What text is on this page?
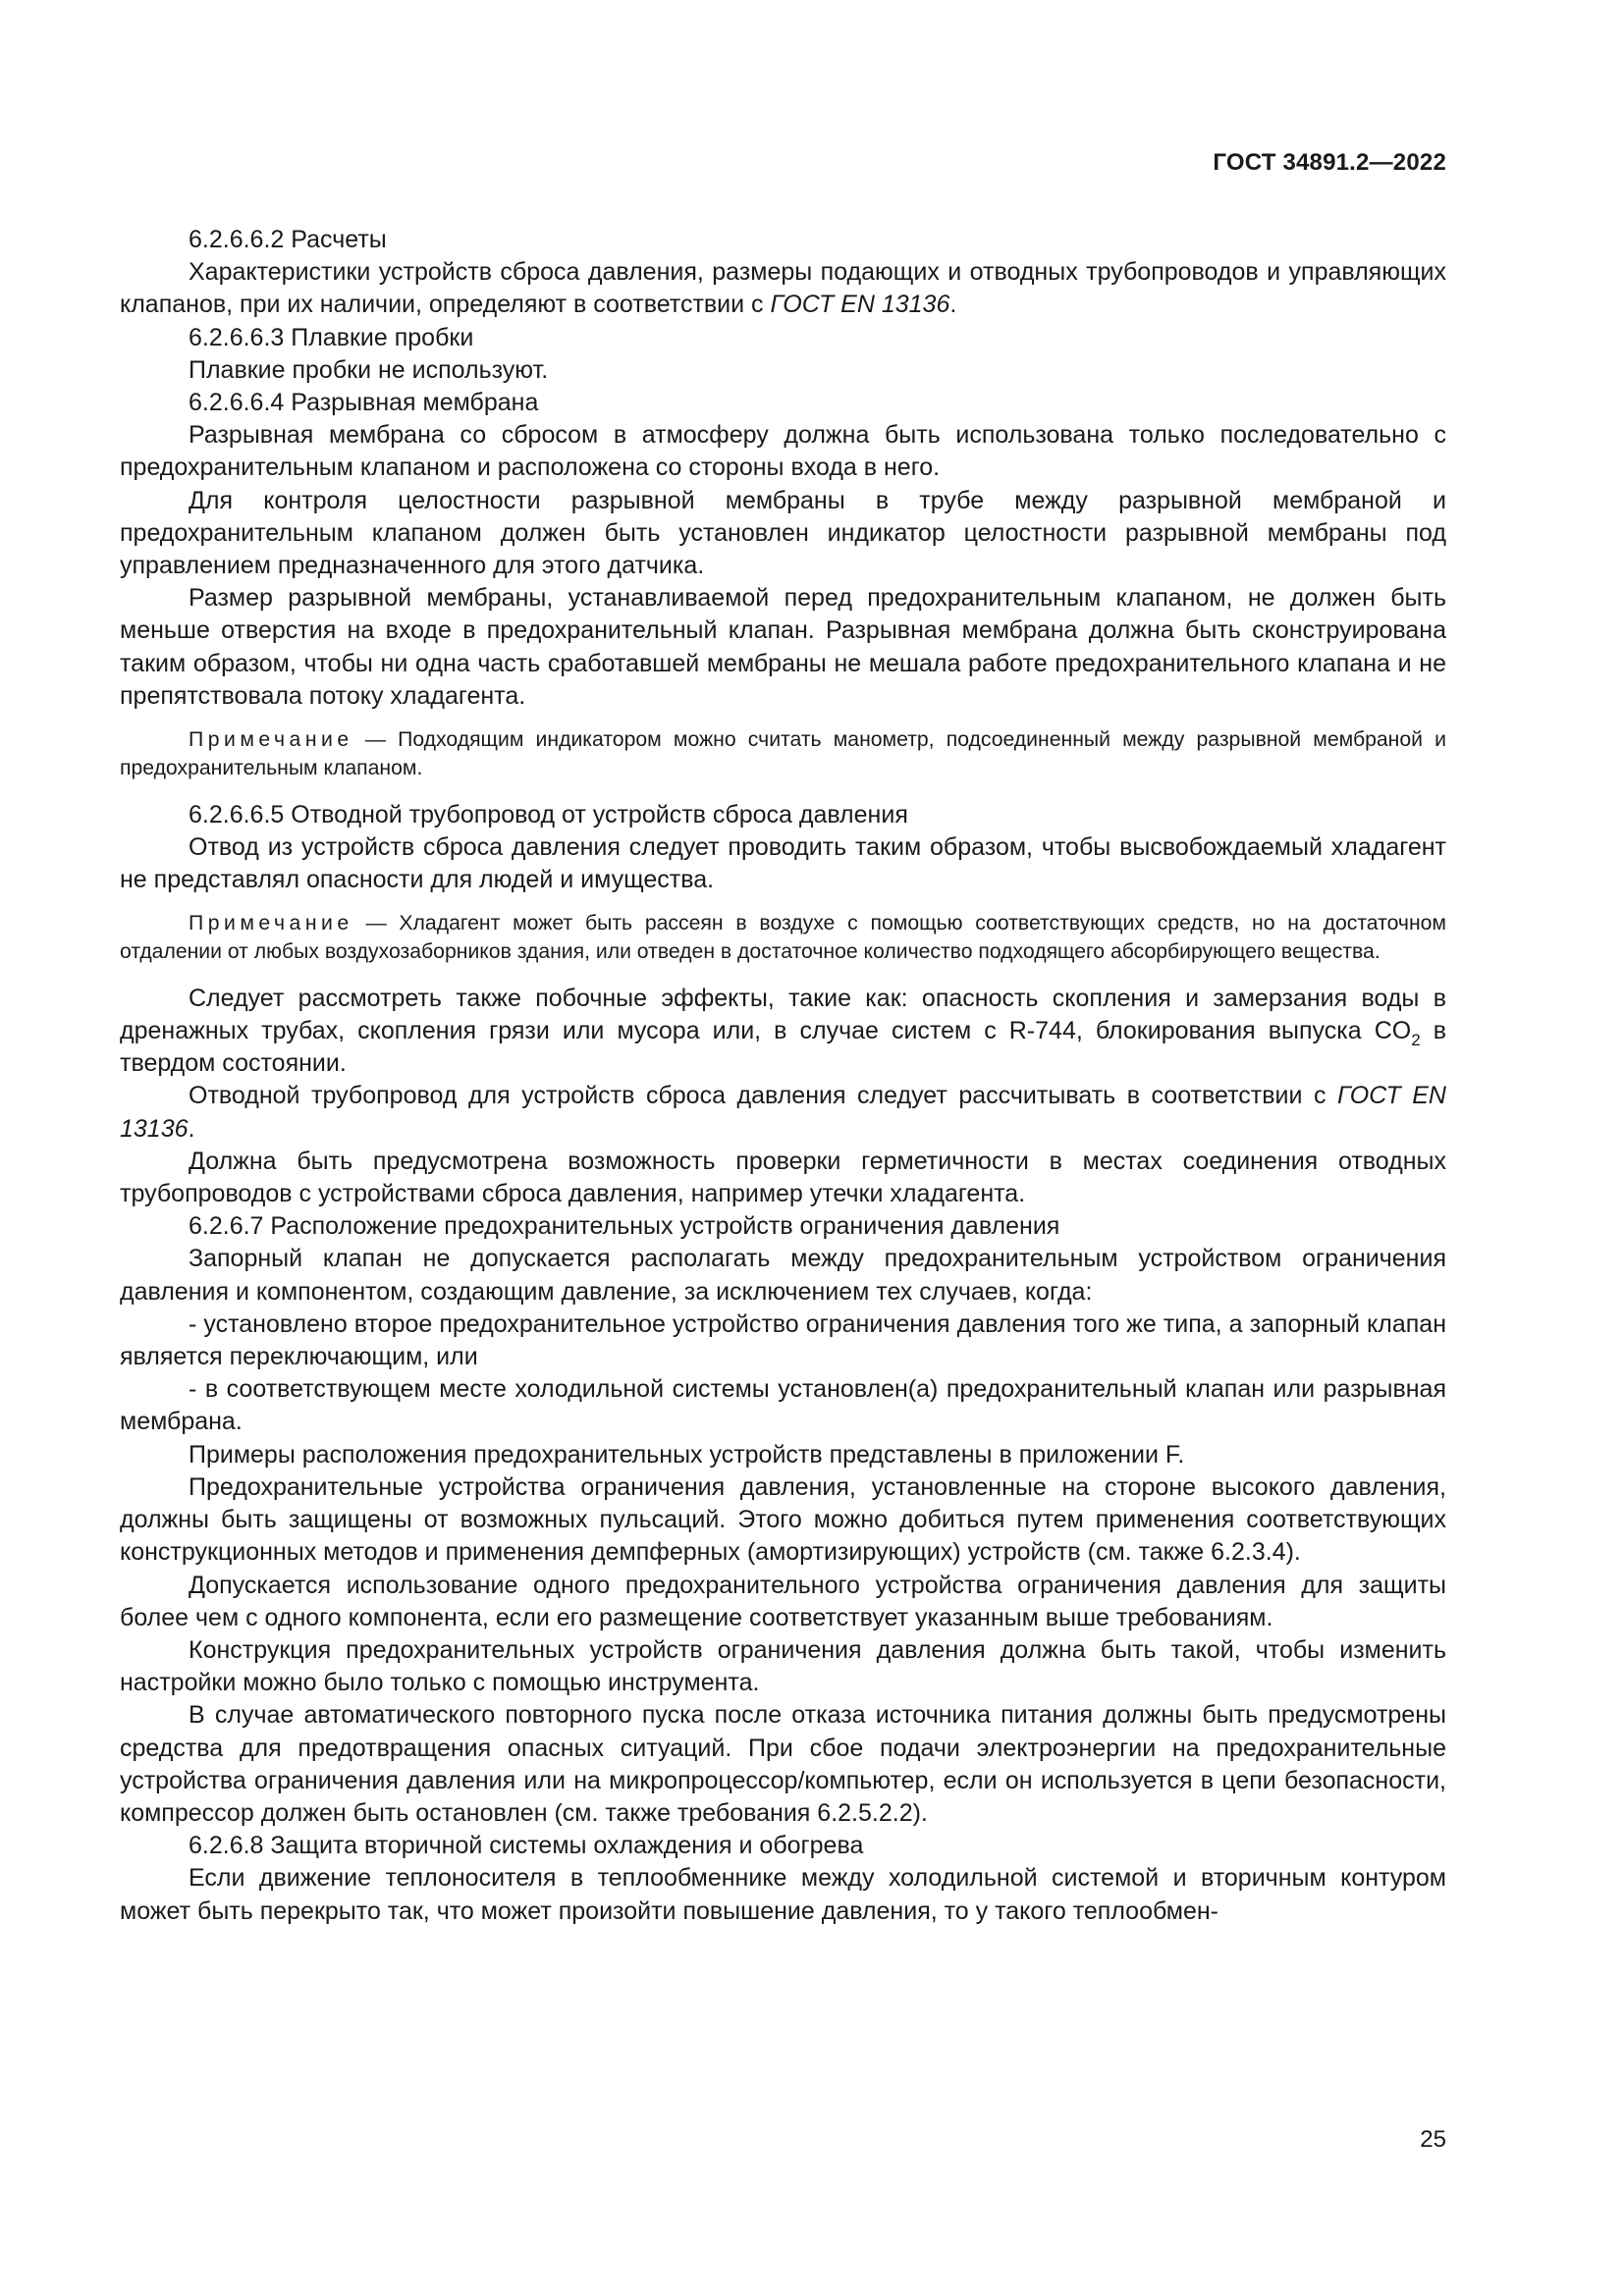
ГОСТ 34891.2—2022

6.2.6.6.2 Расчеты

Характеристики устройств сброса давления, размеры подающих и отводных трубопроводов и управляющих клапанов, при их наличии, определяют в соответствии с ГОСТ EN 13136.

6.2.6.6.3 Плавкие пробки

Плавкие пробки не используют.

6.2.6.6.4 Разрывная мембрана

Разрывная мембрана со сбросом в атмосферу должна быть использована только последовательно с предохранительным клапаном и расположена со стороны входа в него.

Для контроля целостности разрывной мембраны в трубе между разрывной мембраной и предохранительным клапаном должен быть установлен индикатор целостности разрывной мембраны под управлением предназначенного для этого датчика.

Размер разрывной мембраны, устанавливаемой перед предохранительным клапаном, не должен быть меньше отверстия на входе в предохранительный клапан. Разрывная мембрана должна быть сконструирована таким образом, чтобы ни одна часть сработавшей мембраны не мешала работе предохранительного клапана и не препятствовала потоку хладагента.

Примечание — Подходящим индикатором можно считать манометр, подсоединенный между разрывной мембраной и предохранительным клапаном.

6.2.6.6.5 Отводной трубопровод от устройств сброса давления

Отвод из устройств сброса давления следует проводить таким образом, чтобы высвобождаемый хладагент не представлял опасности для людей и имущества.

Примечание — Хладагент может быть рассеян в воздухе с помощью соответствующих средств, но на достаточном отдалении от любых воздухозаборников здания, или отведен в достаточное количество подходящего абсорбирующего вещества.

Следует рассмотреть также побочные эффекты, такие как: опасность скопления и замерзания воды в дренажных трубах, скопления грязи или мусора или, в случае систем с R-744, блокирования выпуска $CO_2$ в твердом состоянии.

Отводной трубопровод для устройств сброса давления следует рассчитывать в соответствии с ГОСТ EN 13136.

Должна быть предусмотрена возможность проверки герметичности в местах соединения отводных трубопроводов с устройствами сброса давления, например утечки хладагента.

6.2.6.7 Расположение предохранительных устройств ограничения давления

Запорный клапан не допускается располагать между предохранительным устройством ограничения давления и компонентом, создающим давление, за исключением тех случаев, когда:

- установлено второе предохранительное устройство ограничения давления того же типа, а запорный клапан является переключающим, или

- в соответствующем месте холодильной системы установлен(а) предохранительный клапан или разрывная мембрана.

Примеры расположения предохранительных устройств представлены в приложении F.

Предохранительные устройства ограничения давления, установленные на стороне высокого давления, должны быть защищены от возможных пульсаций. Этого можно добиться путем применения соответствующих конструкционных методов и применения демпферных (амортизирующих) устройств (см. также 6.2.3.4).

Допускается использование одного предохранительного устройства ограничения давления для защиты более чем с одного компонента, если его размещение соответствует указанным выше требованиям.

Конструкция предохранительных устройств ограничения давления должна быть такой, чтобы изменить настройки можно было только с помощью инструмента.

В случае автоматического повторного пуска после отказа источника питания должны быть предусмотрены средства для предотвращения опасных ситуаций. При сбое подачи электроэнергии на предохранительные устройства ограничения давления или на микропроцессор/компьютер, если он используется в цепи безопасности, компрессор должен быть остановлен (см. также требования 6.2.5.2.2).

6.2.6.8 Защита вторичной системы охлаждения и обогрева

Если движение теплоносителя в теплообменнике между холодильной системой и вторичным контуром может быть перекрыто так, что может произойти повышение давления, то у такого теплообмен-

25
